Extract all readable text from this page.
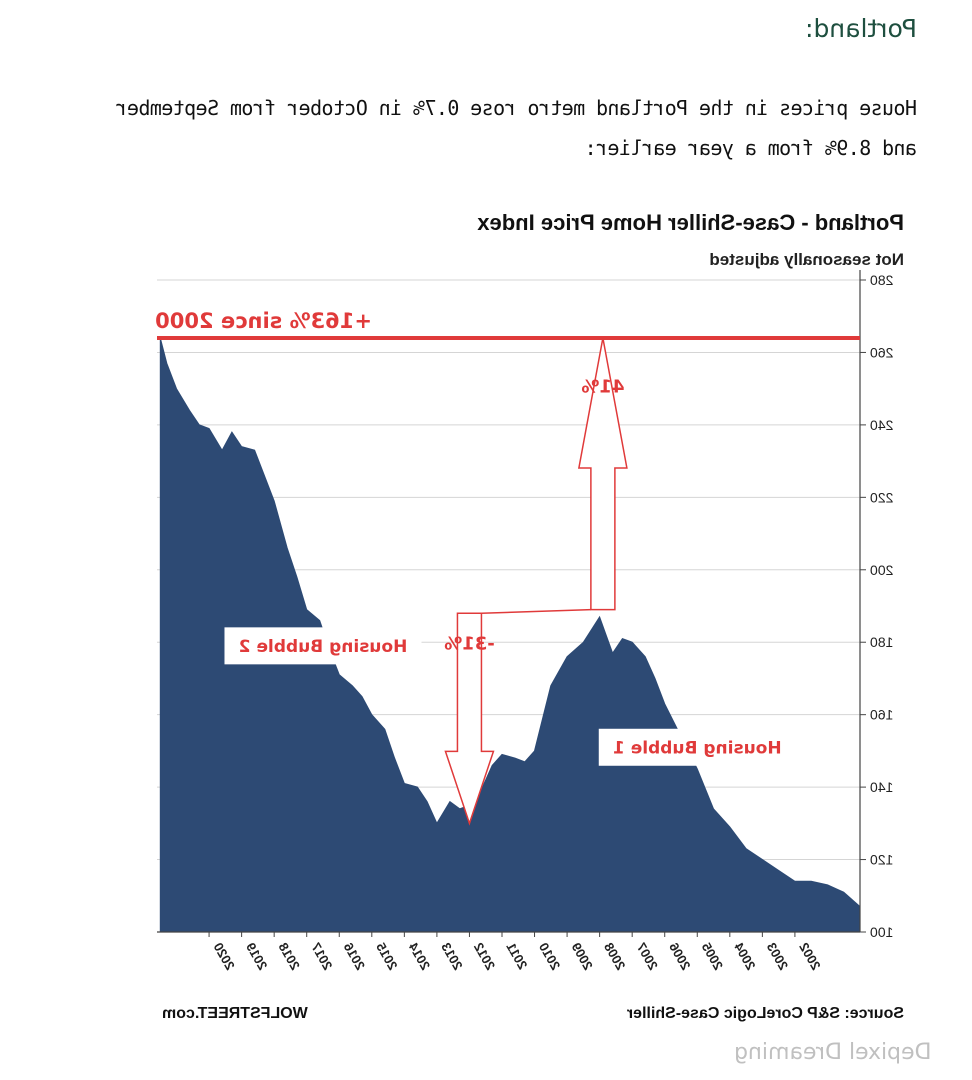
Portland:
House prices in the Portland metro rose 0.7% in October from September and 8.9% from a year earlier:
Portland - Case-Shiller Home Price Index
Not seasonally adjusted
100
120
140
160
180
200
220
240
260
280
2002
2003
2004
2005
2006
2007
2008
2009
2010
2011
2012
2013
2014
2015
2016
2017
2018
2019
2020
+163% since 2000
-31%
41%
Housing Bubble 1
Housing Bubble 2
Source: S&P CoreLogic Case-Shiller
WOLFSTREET.com
Depixel Dreaming
